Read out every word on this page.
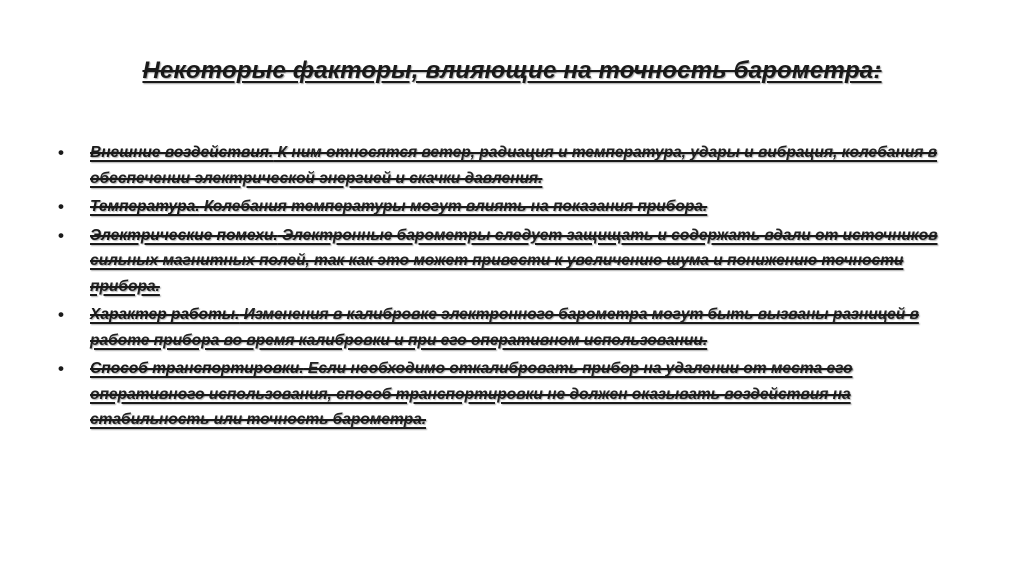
Некоторые факторы, влияющие на точность барометра:
• Внешние воздействия. К ним относятся ветер, радиация и температура, удары и вибрация, колебания в обеспечении электрической энергией и скачки давления.
• Температура. Колебания температуры могут влиять на показания прибора.
• Электрические помехи. Электронные барометры следует защищать и содержать вдали от источников сильных магнитных полей, так как это может привести к увеличению шума и понижению точности прибора.
• Характер работы. Изменения в калибровке электронного барометра могут быть вызваны разницей в работе прибора во время калибровки и при его оперативном использовании.
• Способ транспортировки. Если необходимо откалибровать прибор на удалении от места его оперативного использования, способ транспортировки не должен оказывать воздействия на стабильность или точность барометра.
